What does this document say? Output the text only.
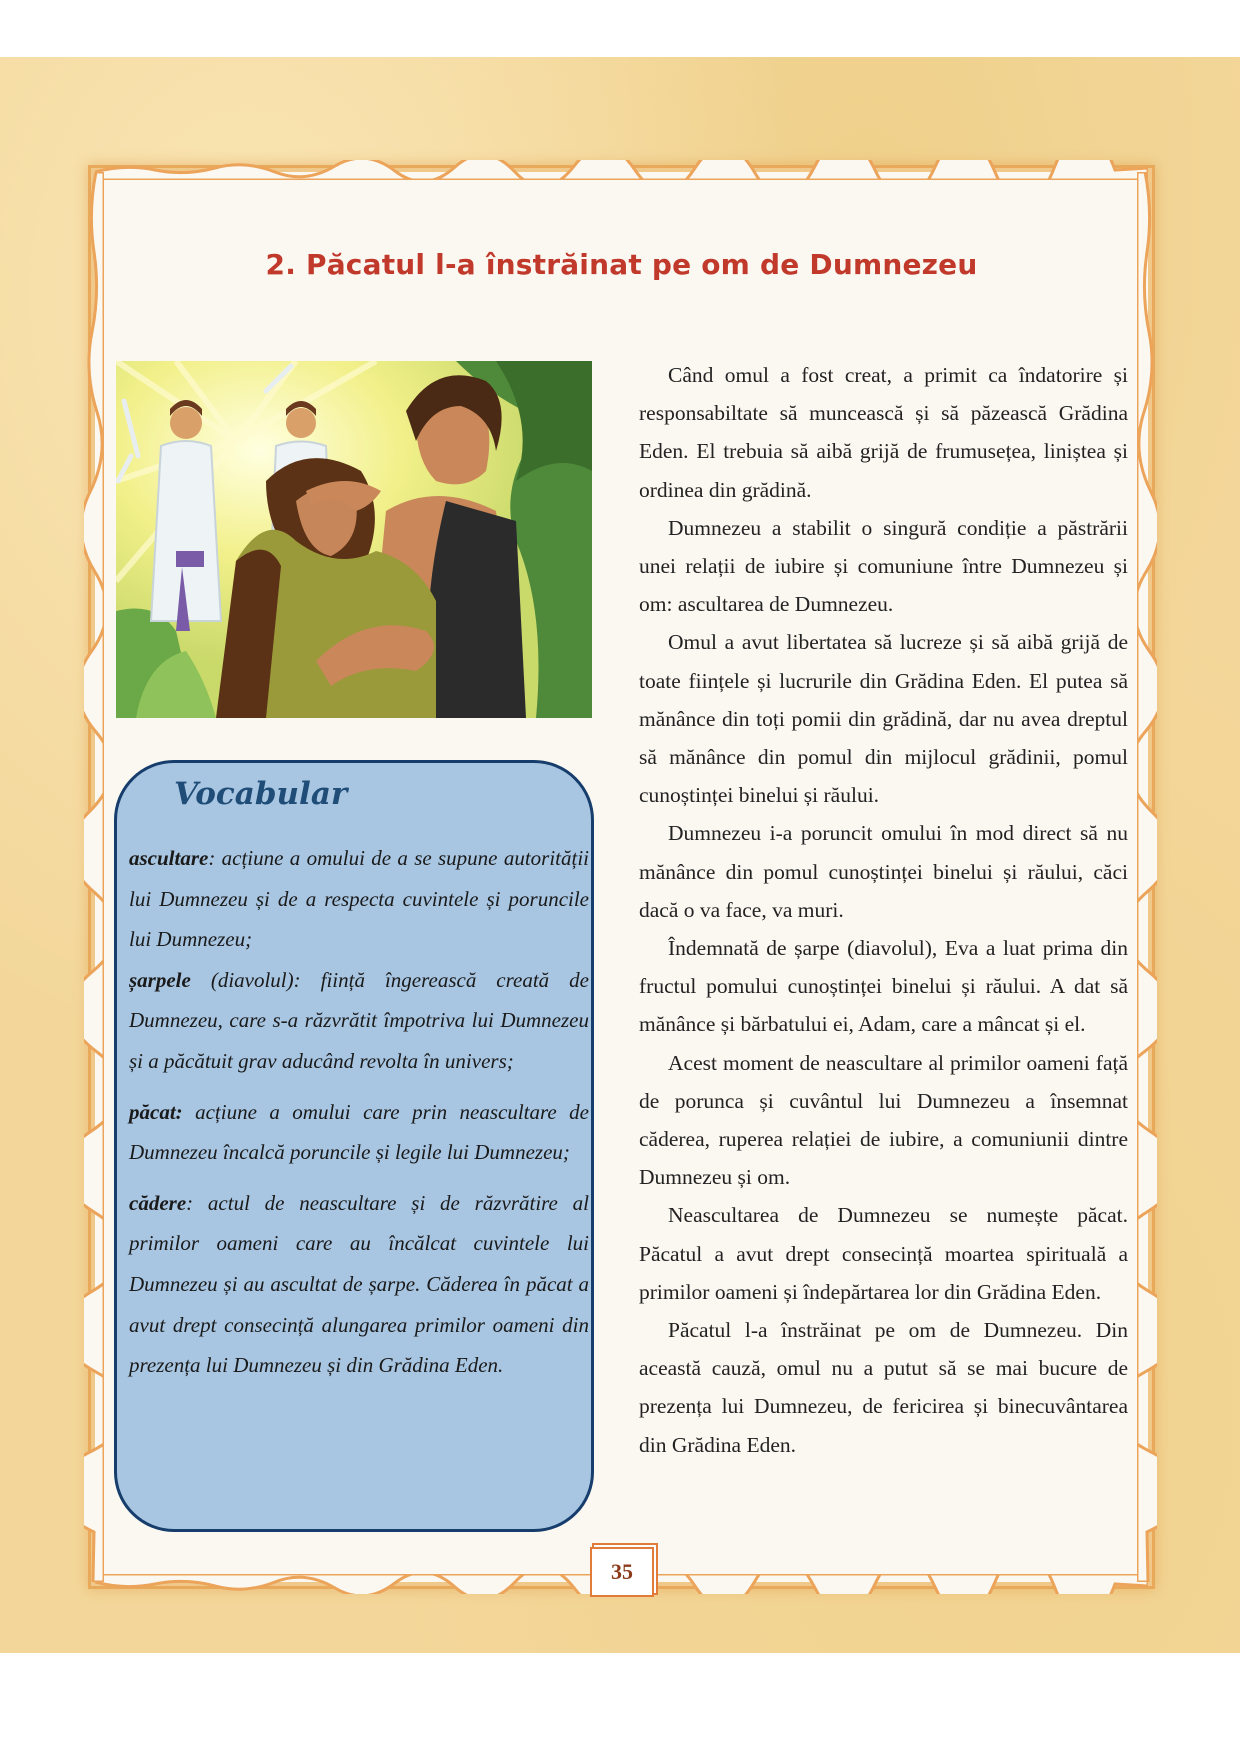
2. Păcatul l-a înstrăinat pe om de Dumnezeu
Vocabular

ascultare: acțiune a omului de a se supune autorității lui Dumnezeu și de a respecta cuvintele și poruncile lui Dumnezeu;

șarpele (diavolul): ființă îngerească creată de Dumnezeu, care s-a răzvrătit împotriva lui Dumnezeu și a păcătuit grav aducând revolta în univers;

păcat: acțiune a omului care prin neascultare de Dumnezeu încalcă poruncile și legile lui Dumnezeu;

cădere: actul de neascultare și de răzvrătire al primilor oameni care au încălcat cuvintele lui Dumnezeu și au ascultat de șarpe. Căderea în păcat a avut drept consecință alungarea primilor oameni din prezența lui Dumnezeu și din Grădina Eden.

Când omul a fost creat, a primit ca îndatorire și responsabiltate să muncească și să păzească Grădina Eden. El trebuia să aibă grijă de frumusețea, liniștea și ordinea din grădină.

Dumnezeu a stabilit o singură condiție a păstrării unei relații de iubire și comuniune între Dumnezeu și om: ascultarea de Dumnezeu.

Omul a avut libertatea să lucreze și să aibă grijă de toate ființele și lucrurile din Grădina Eden. El putea să mănânce din toți pomii din grădină, dar nu avea dreptul să mănânce din pomul din mijlocul grădinii, pomul cunoștinței binelui și răului.

Dumnezeu i-a poruncit omului în mod direct să nu mănânce din pomul cunoștinței binelui și răului, căci dacă o va face, va muri.

Îndemnată de șarpe (diavolul), Eva a luat prima din fructul pomului cunoștinței binelui și răului. A dat să mănânce și bărbatului ei, Adam, care a mâncat și el.

Acest moment de neascultare al primilor oameni față de porunca și cuvântul lui Dumnezeu a însemnat căderea, ruperea relației de iubire, a comuniunii dintre Dumnezeu și om.

Neascultarea de Dumnezeu se numește păcat. Păcatul a avut drept consecință moartea spirituală a primilor oameni și îndepărtarea lor din Grădina Eden.

Păcatul l-a înstrăinat pe om de Dumnezeu. Din această cauză, omul nu a putut să se mai bucure de prezența lui Dumnezeu, de fericirea și binecuvântarea din Grădina Eden.

35
